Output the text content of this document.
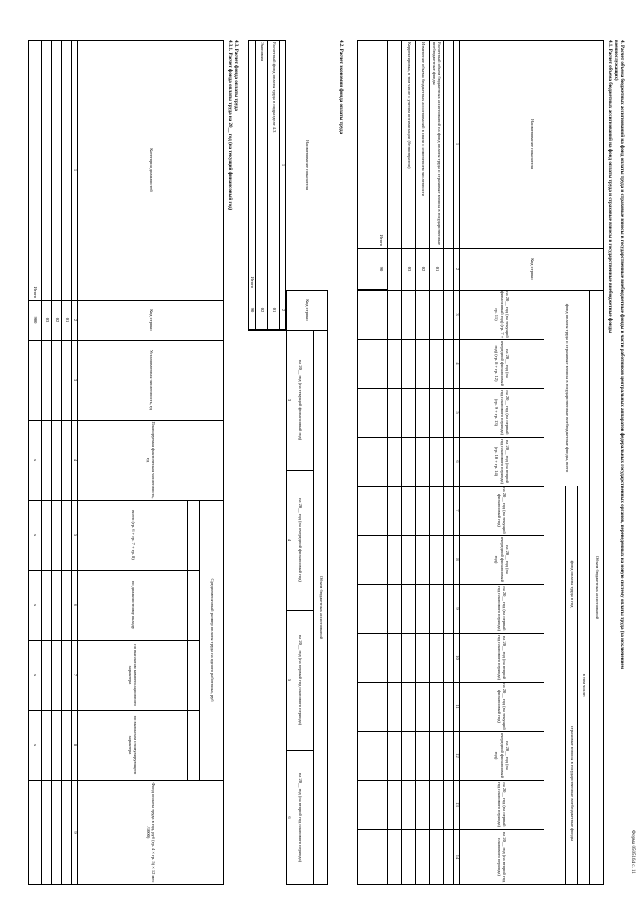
Форма 0505164 с. 11
4. Расчет объема бюджетных ассигнований на фонд оплаты труда и страховые взносы в государственные внебюджетные фонды в части работников центральных аппаратов федеральных государственных органов, переведенных на новую систему оплаты труда (за исключением
военнослужащих)
4.1. Расчет объема бюджетных ассигнований на фонд оплаты труда и страховые взносы в государственные внебюджетные фонды
Наименование показателя
Код строки
Объем бюджетных ассигнований
фонд оплаты труда и страховые взносы в государственные внебюджетные фонды, всего
в том числе:
фонд оплаты труда в год
страховые взносы в государственные внебюджетные фонды
на 20__ год (на текущий финансовый год) (гр. 7 + гр. 11)
на 20__ год (на очередной финансовый год) (гр. 8 + гр. 12)
на 20__ год (на первый год планового периода) (гр. 9 + гр. 13)
на 20__ год (на второй год планового периода) (гр. 10 + гр. 14)
на 20__ год (на текущий финансовый год)
на 20__ год (на очередной финансовый год)
на 20__ год (на первый год планового периода)
на 20__ год (на второй год планового периода)
на 20__ год (на текущий финансовый год)
на 20__ год (на очередной финансовый год)
на 20__ год (на первый год планового периода)
на 20__ год (на второй год планового периода)
1
2
3
4
5
6
7
8
9
10
11
12
13
14
Расчетный объем бюджетных ассигнований на фонд оплаты труда и страховые взносы в государственные внебюджетные фонды
01
Изменение объема бюджетных ассигнований в связи с изменением численности
02
Корректировка, в том числе с учетом оптимизации (безвозвратно)
03
Итого
90
4.2. Расчет экономии фонда оплаты труда
Наименование показателя
Код строки
Объем бюджетных ассигнований
на 20__ год (на текущий финансовый год)
на 20__ год (на очередной финансовый год)
на 20__ год (на первый год планового периода)
на 20__ год (на второй год планового периода)
1
2
3
4
5
6
Расчетный фонд оплаты труда в подразделе 4.3
01
Экономия
02
Итого
90
4.3. Расчет фонда оплаты труда
4.3.1. Расчет фонда оплаты труда на 20__ год (на текущий финансовый год)
Категория должностей
Код строки
Установленная численность, ед
Планируемая фактическая численность, ед
Среднемесячный размер оплаты труда на одного работника, руб
всего (гр. 6 + гр. 7 + гр. 8)
по должностному окладу
по выплатам компенсационного характера
по выплатам стимулирующего характера
Фонд оплаты труда в год, руб (гр. 4 × гр. 5) × 12 мес /1000)
1
2
3
4
5
6
7
8
9
01
02
03
Итого
900
x
x
x
x
x
